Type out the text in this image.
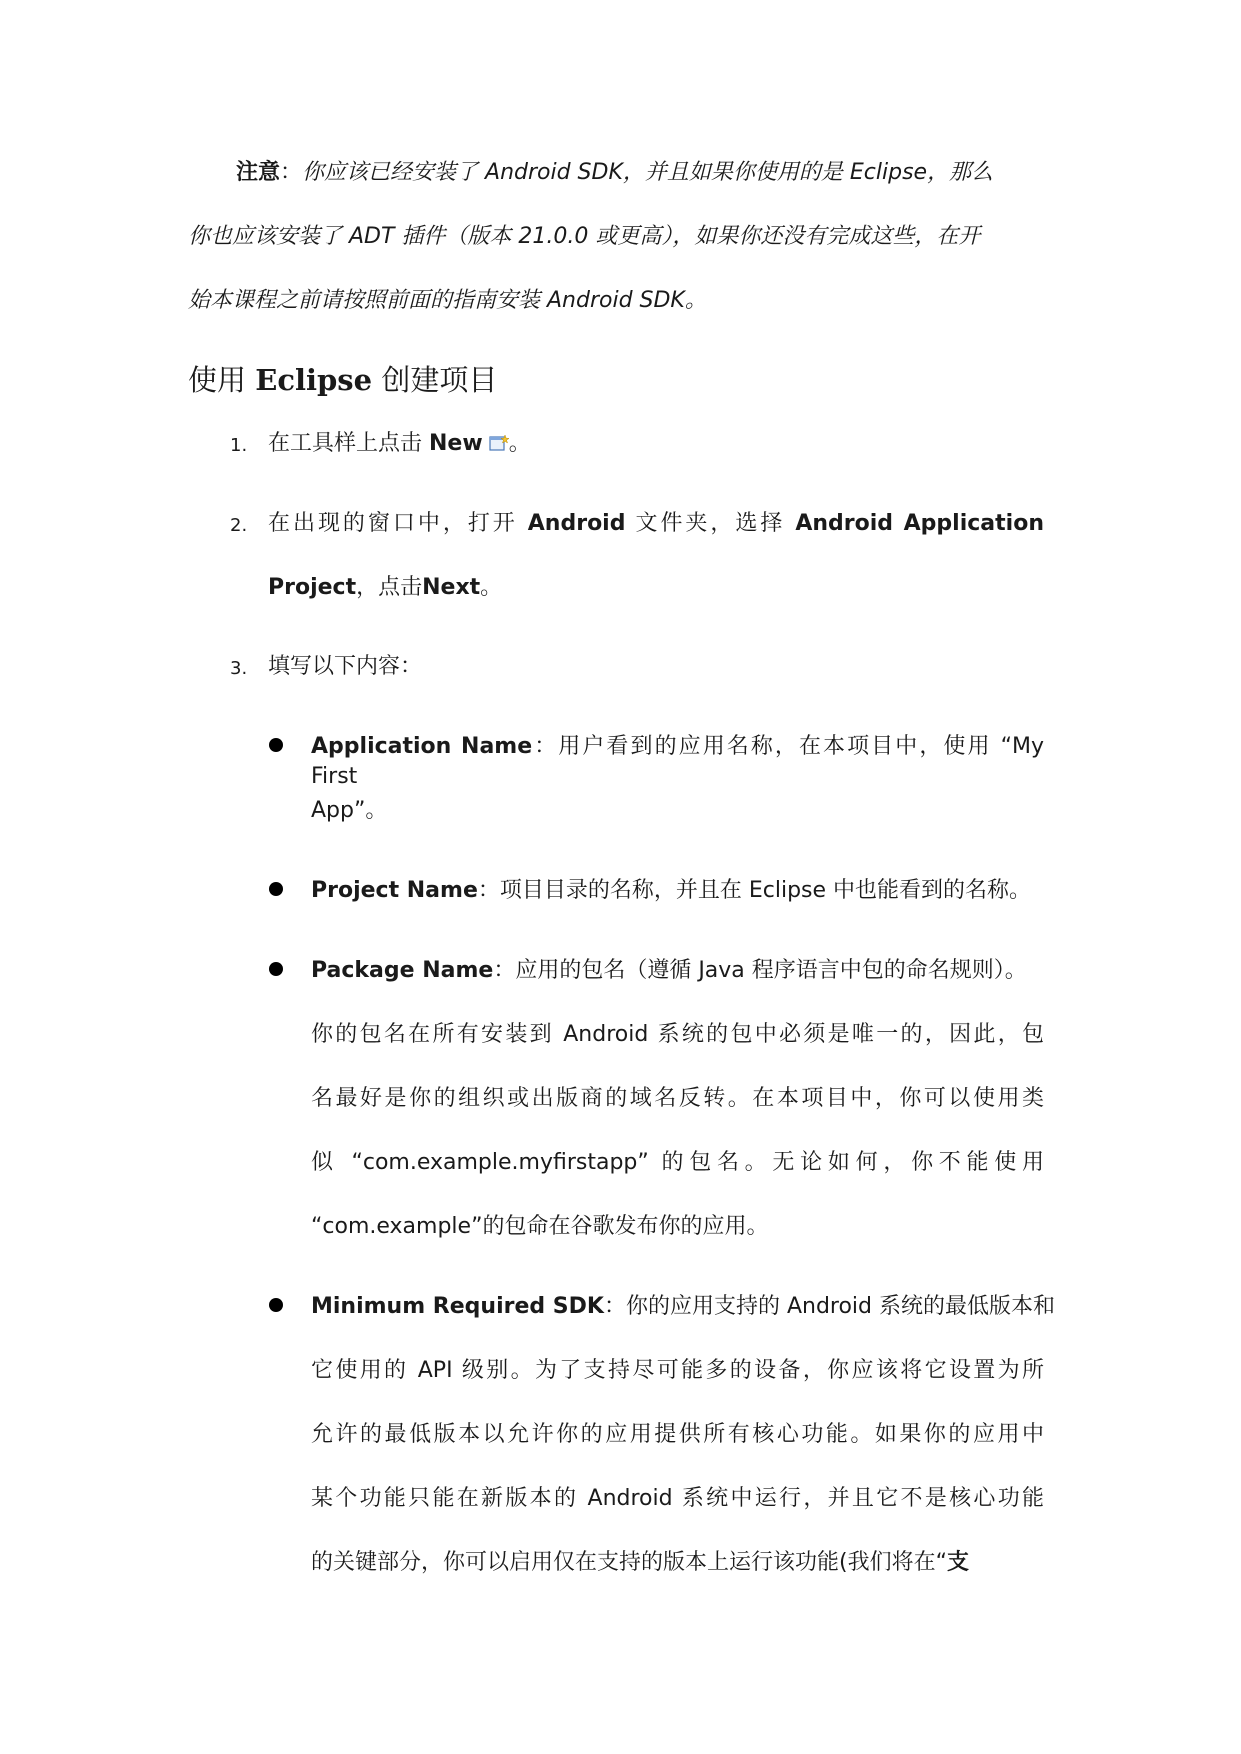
注意：你应该已经安装了 Android SDK，并且如果你使用的是 Eclipse，那么
你也应该安装了 ADT 插件（版本 21.0.0 或更高），如果你还没有完成这些，在开
始本课程之前请按照前面的指南安装 Android SDK。
使用 Eclipse 创建项目
1. 在工具样上点击 New 。
2. 在出现的窗口中，打开 Android 文件夹，选择 Android Application
Project，点击Next。
3. 填写以下内容：
Application Name：用户看到的应用名称，在本项目中，使用 “My First
App”。
Project Name：项目目录的名称，并且在 Eclipse 中也能看到的名称。
Package Name：应用的包名（遵循 Java 程序语言中包的命名规则）。
你的包名在所有安装到 Android 系统的包中必须是唯一的，因此，包
名最好是你的组织或出版商的域名反转。在本项目中，你可以使用类
似 “com.example.myfirstapp” 的包名。无论如何，你不能使用
“com.example”的包命在谷歌发布你的应用。
Minimum Required SDK：你的应用支持的 Android 系统的最低版本和
它使用的 API 级别。为了支持尽可能多的设备，你应该将它设置为所
允许的最低版本以允许你的应用提供所有核心功能。如果你的应用中
某个功能只能在新版本的 Android 系统中运行，并且它不是核心功能
的关键部分，你可以启用仅在支持的版本上运行该功能(我们将在“支
